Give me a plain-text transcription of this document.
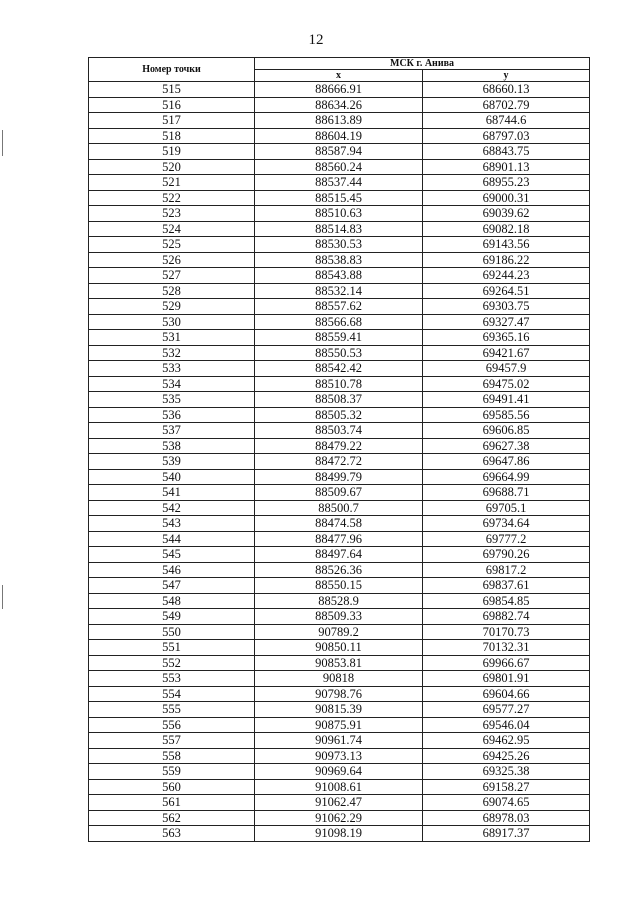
12
Номер точки	МСК г. Анива	
	x	y
515	88666.91	68660.13
516	88634.26	68702.79
517	88613.89	68744.6
518	88604.19	68797.03
519	88587.94	68843.75
520	88560.24	68901.13
521	88537.44	68955.23
522	88515.45	69000.31
523	88510.63	69039.62
524	88514.83	69082.18
525	88530.53	69143.56
526	88538.83	69186.22
527	88543.88	69244.23
528	88532.14	69264.51
529	88557.62	69303.75
530	88566.68	69327.47
531	88559.41	69365.16
532	88550.53	69421.67
533	88542.42	69457.9
534	88510.78	69475.02
535	88508.37	69491.41
536	88505.32	69585.56
537	88503.74	69606.85
538	88479.22	69627.38
539	88472.72	69647.86
540	88499.79	69664.99
541	88509.67	69688.71
542	88500.7	69705.1
543	88474.58	69734.64
544	88477.96	69777.2
545	88497.64	69790.26
546	88526.36	69817.2
547	88550.15	69837.61
548	88528.9	69854.85
549	88509.33	69882.74
550	90789.2	70170.73
551	90850.11	70132.31
552	90853.81	69966.67
553	90818	69801.91
554	90798.76	69604.66
555	90815.39	69577.27
556	90875.91	69546.04
557	90961.74	69462.95
558	90973.13	69425.26
559	90969.64	69325.38
560	91008.61	69158.27
561	91062.47	69074.65
562	91062.29	68978.03
563	91098.19	68917.37
